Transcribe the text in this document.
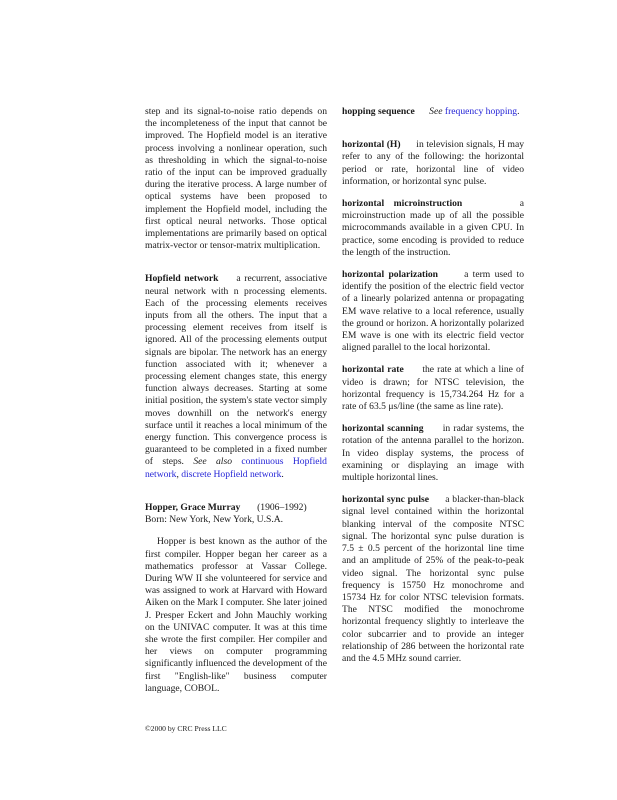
step and its signal-to-noise ratio depends on the incompleteness of the input that cannot be improved. The Hopfield model is an iterative process involving a nonlinear operation, such as thresholding in which the signal-to-noise ratio of the input can be improved gradually during the iterative process. A large number of optical systems have been proposed to implement the Hopfield model, including the first optical neural networks. Those optical implementations are primarily based on optical matrix-vector or tensor-matrix multiplication.

Hopfield network a recurrent, associative neural network with n processing elements. Each of the processing elements receives inputs from all the others. The input that a processing element receives from itself is ignored. All of the processing elements output signals are bipolar. The network has an energy function associated with it; whenever a processing element changes state, this energy function always decreases. Starting at some initial position, the system's state vector simply moves downhill on the network's energy surface until it reaches a local minimum of the energy function. This convergence process is guaranteed to be completed in a fixed number of steps. See also continuous Hopfield network, discrete Hopfield network.

Hopper, Grace Murray (1906–1992)

Born: New York, New York, U.S.A.

Hopper is best known as the author of the first compiler. Hopper began her career as a mathematics professor at Vassar College. During WW II she volunteered for service and was assigned to work at Harvard with Howard Aiken on the Mark I computer. She later joined J. Presper Eckert and John Mauchly working on the UNIVAC computer. It was at this time she wrote the first compiler. Her compiler and her views on computer programming significantly influenced the development of the first "English-like" business computer language, COBOL.

hopping sequence See frequency hopping.

horizontal (H) in television signals, H may refer to any of the following: the horizontal period or rate, horizontal line of video information, or horizontal sync pulse.

horizontal microinstruction	a microinstruction made up of all the possible microcommands available in a given CPU. In practice, some encoding is provided to reduce the length of the instruction.

horizontal polarization	a term used to identify the position of the electric field vector of a linearly polarized antenna or propagating EM wave relative to a local reference, usually the ground or horizon. A horizontally polarized EM wave is one with its electric field vector aligned parallel to the local horizontal.

horizontal rate the rate at which a line of video is drawn; for NTSC television, the horizontal frequency is 15,734.264 Hz for a rate of 63.5 μs/line (the same as line rate).

horizontal scanning in radar systems, the rotation of the antenna parallel to the horizon. In video display systems, the process of examining or displaying an image with multiple horizontal lines.

horizontal sync pulse a blacker-than-black signal level contained within the horizontal blanking interval of the composite NTSC signal. The horizontal sync pulse duration is 7.5 ± 0.5 percent of the horizontal line time and an amplitude of 25% of the peak-to-peak video signal. The horizontal sync pulse frequency is 15750 Hz monochrome and 15734 Hz for color NTSC television formats. The NTSC modified the monochrome horizontal frequency slightly to interleave the color subcarrier and to provide an integer relationship of 286 between the horizontal rate and the 4.5 MHz sound carrier.

©2000 by CRC Press LLC
